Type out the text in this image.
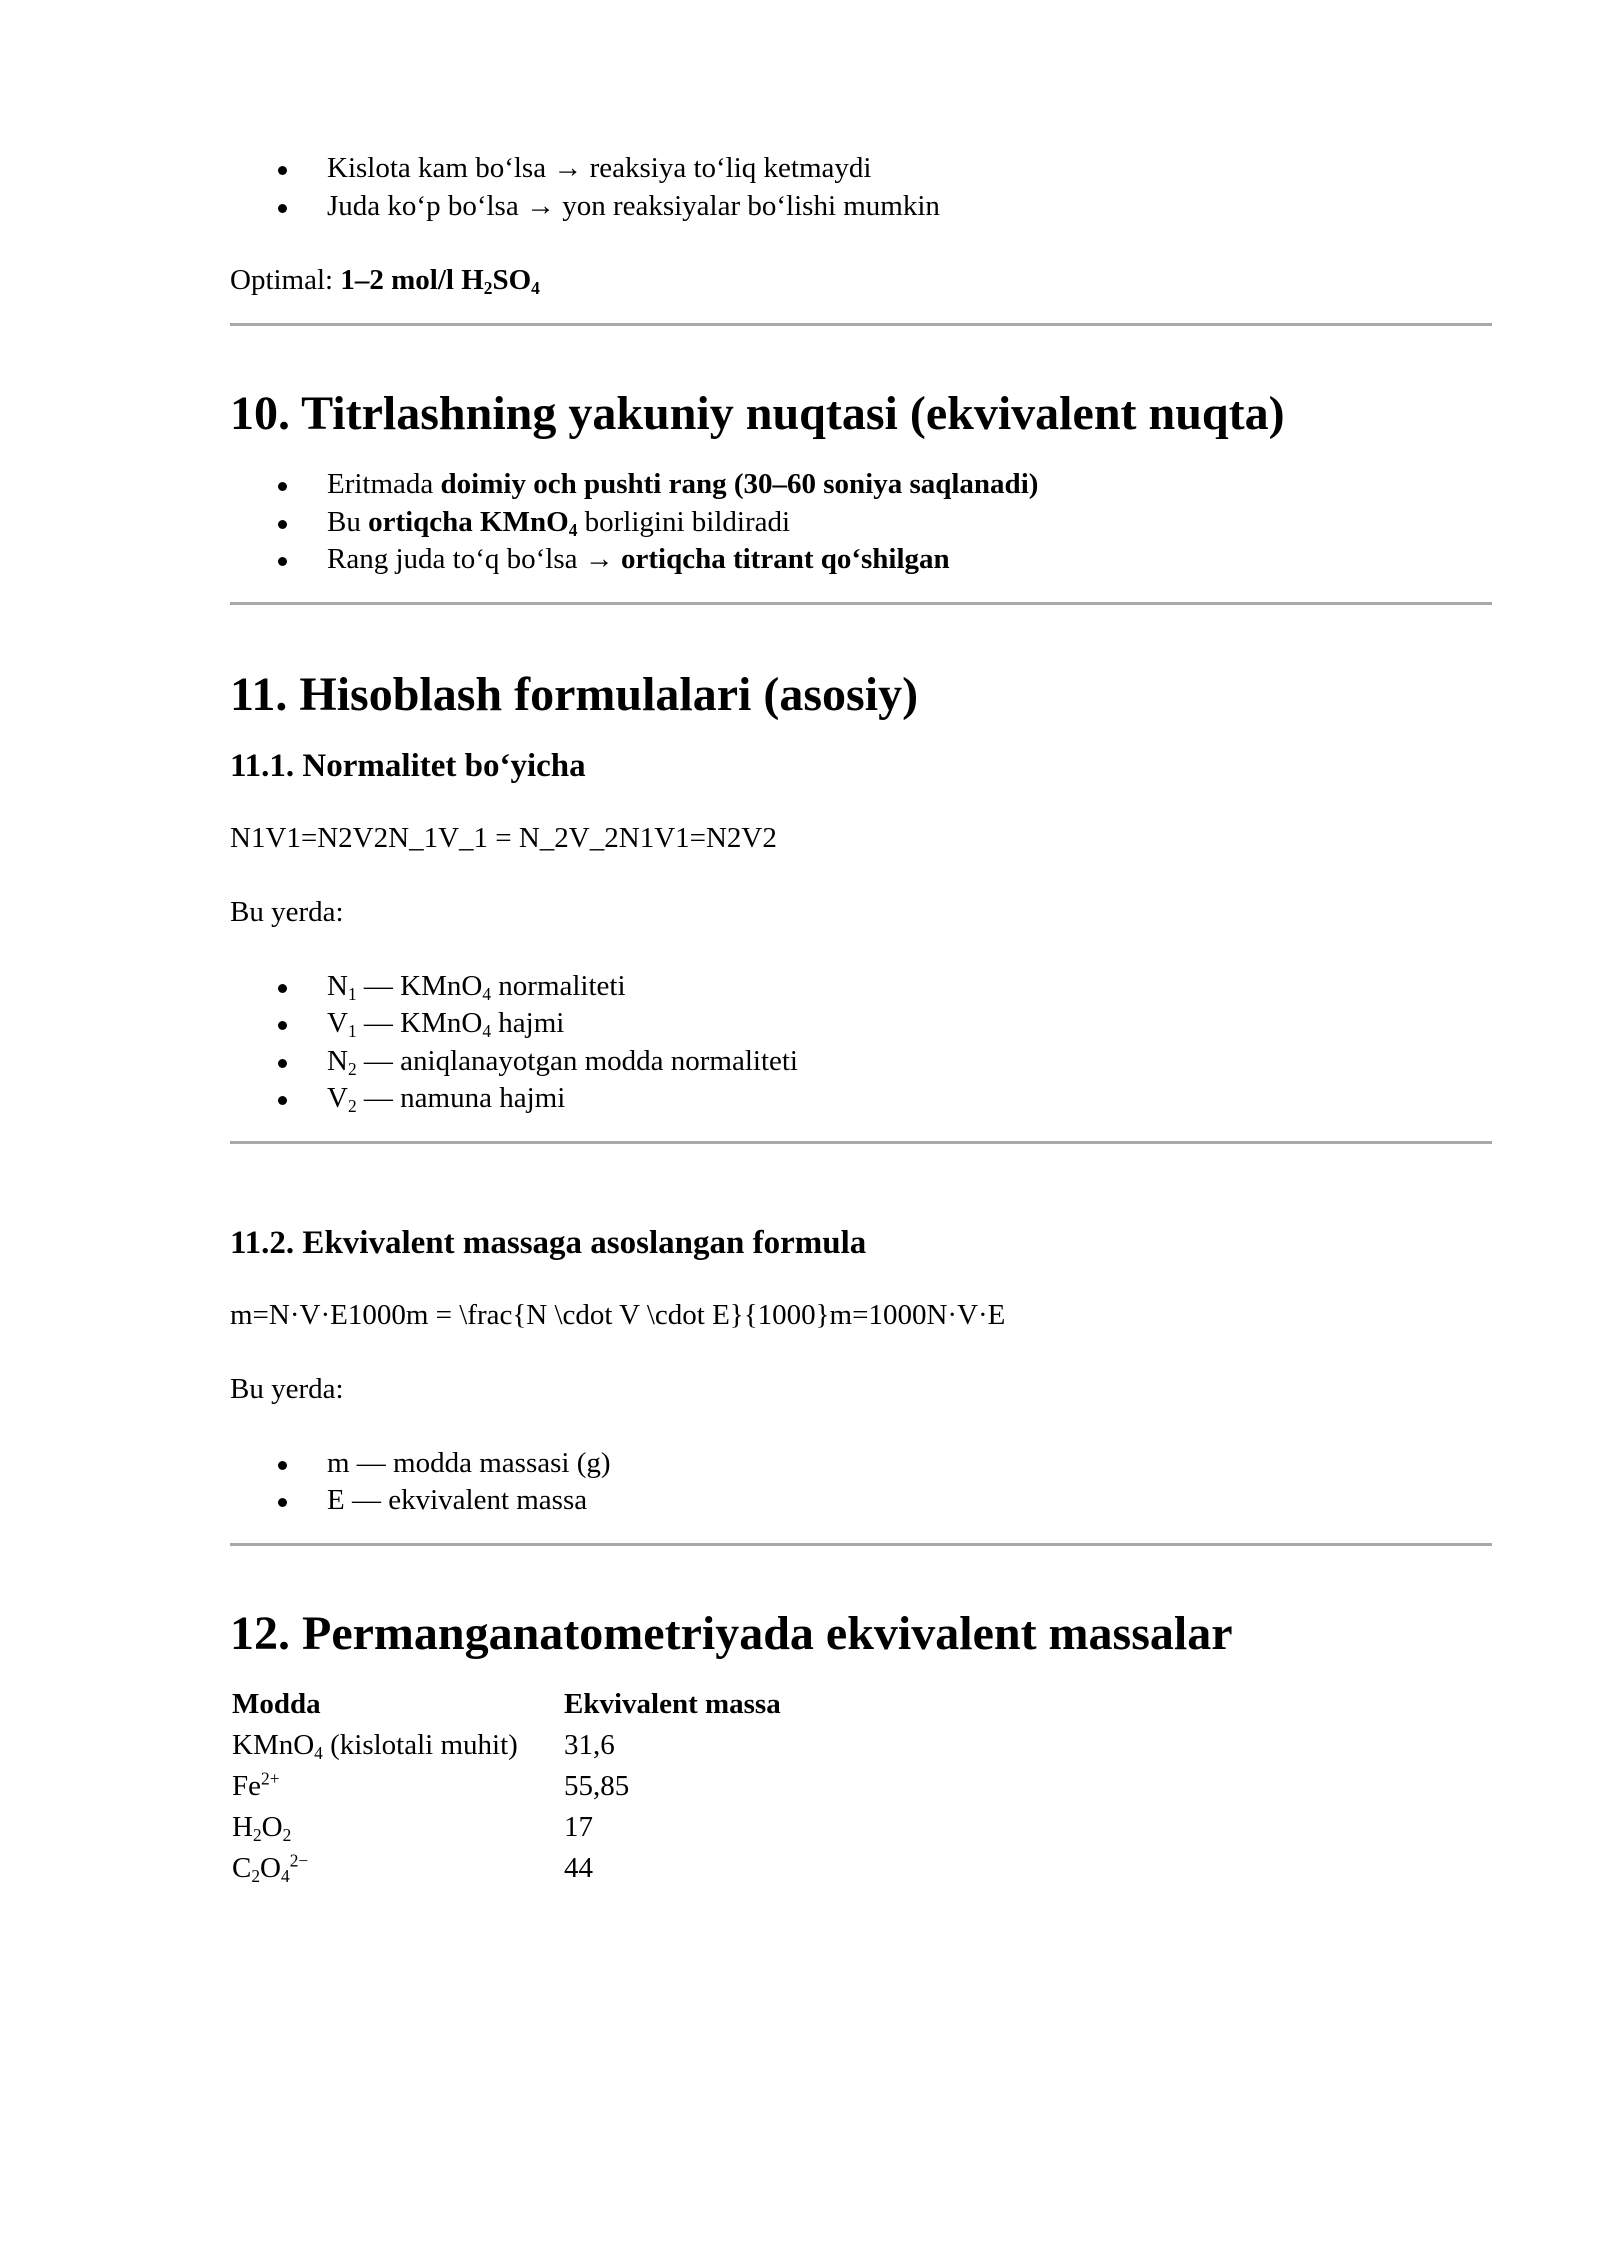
Kislota kam bo‘lsa → reaksiya to‘liq ketmaydi
Juda ko‘p bo‘lsa → yon reaksiyalar bo‘lishi mumkin

Optimal: 1–2 mol/l $H_2SO_4$

10. Titrlashning yakuniy nuqtasi (ekvivalent nuqta)
Eritmada doimiy och pushti rang (30–60 soniya saqlanadi)
Bu ortiqcha KMnO$_4$ borligini bildiradi
Rang juda to‘q bo‘lsa → ortiqcha titrant qo‘shilgan
11. Hisoblash formulalari (asosiy)
11.1. Normalitet bo‘yicha

N1V1=N2V2N_1V_1 = N_2V_2N1V1=N2V2

Bu yerda:

$N_1$ — KMnO$_4$ normaliteti
$V_1$ — KMnO$_4$ hajmi
$N_2$ — aniqlanayotgan modda normaliteti
$V_2$ — namuna hajmi
11.2. Ekvivalent massaga asoslangan formula

m=N·V·E1000m = \frac{N \cdot V \cdot E}{1000}m=1000N·V·E

Bu yerda:

m — modda massasi (g)
E — ekvivalent massa
12. Permanganatometriyada ekvivalent massalar
Modda	Ekvivalent massa
KMnO$_4$ (kislotali muhit)	31,6
$Fe^{2+}$	55,85
$H_2O_2$	17
$C_2O_4^{2-}$	44
